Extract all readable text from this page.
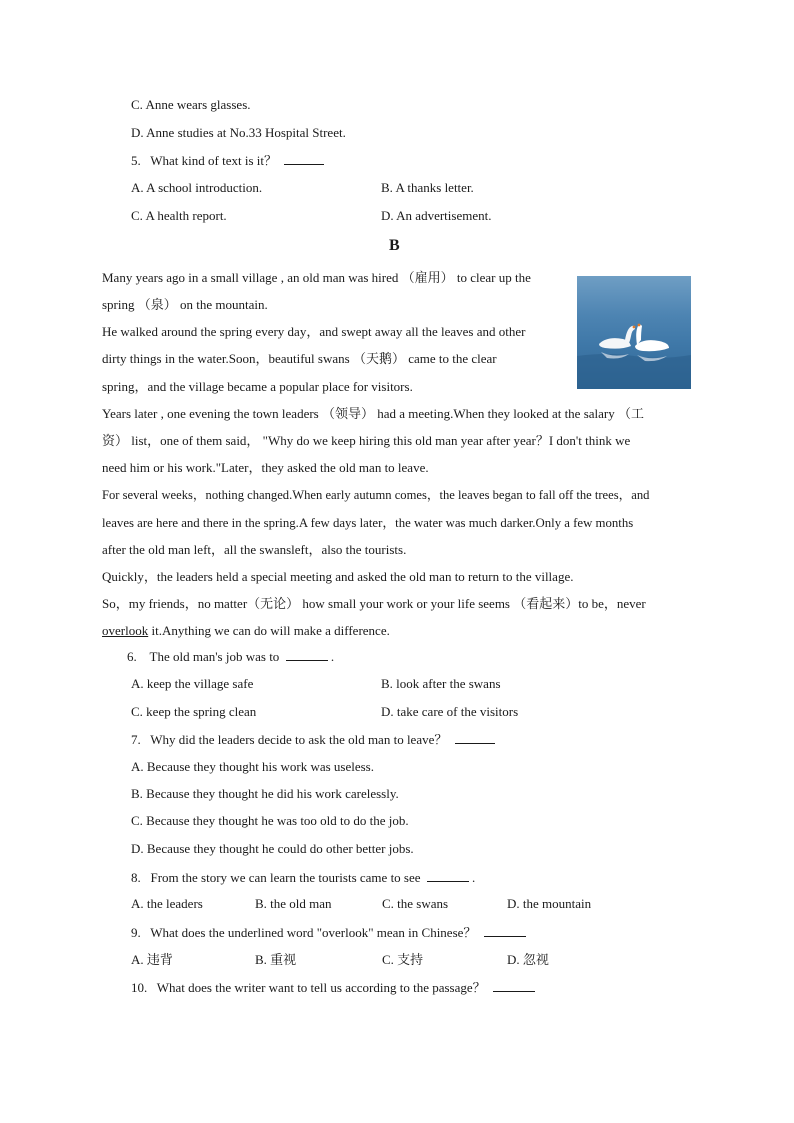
C. Anne wears glasses.
D. Anne studies at No.33 Hospital Street.
5.   What kind of text is it？
A. A school introduction.	B. A thanks letter.
C. A health report.	D. An advertisement.
B
Many years ago in a small village , an old man was hired （雇用） to clear up the
spring （泉） on the mountain.
He walked around the spring every day，and swept away all the leaves and other
dirty things in the water.Soon，beautiful swans （天鹅） came to the clear
spring，and the village became a popular place for visitors.
Years later , one evening the town leaders （领导） had a meeting.When they looked at the salary （工
资） list，one of them said， "Why do we keep hiring this old man year after year？I don't think we
need him or his work."Later，they asked the old man to leave.
For several weeks，nothing changed.When early autumn comes，the leaves began to fall off the trees，and
leaves are here and there in the spring.A few days later，the water was much darker.Only a few months
after the old man left，all the swansleft，also the tourists.
Quickly，the leaders held a special meeting and asked the old man to return to the village.
So，my friends，no matter（无论） how small your work or your life seems （看起来）to be，never
overlook it.Anything we can do will make a difference.
6.    The old man's job was to	.
A. keep the village safe	B. look after the swans
C. keep the spring clean	D. take care of the visitors
7.   Why did the leaders decide to ask the old man to leave？
A. Because they thought his work was useless.
B. Because they thought he did his work carelessly.
C. Because they thought he was too old to do the job.
D. Because they thought he could do other better jobs.
8.   From the story we can learn the tourists came to see	.
A. the leaders	B. the old man	C. the swans	D. the mountain
9.   What does the underlined word "overlook" mean in Chinese？
A. 违背	B. 重视	C. 支持	D. 忽视
10.   What does the writer want to tell us according to the passage？
